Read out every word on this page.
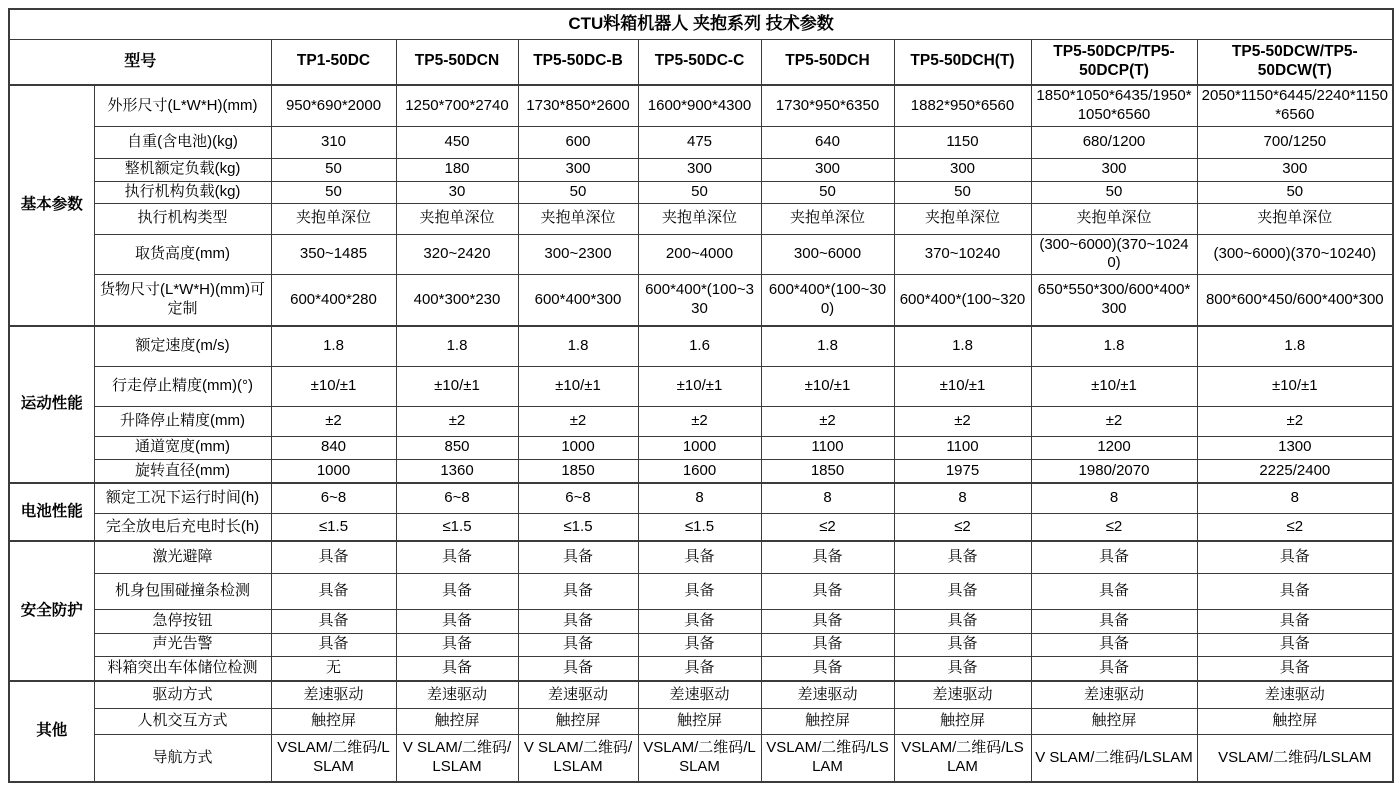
CTU料箱机器人 夹抱系列 技术参数									
型号		TP1-50DC	TP5-50DCN	TP5-50DC-B	TP5-50DC-C	TP5-50DCH	TP5-50DCH(T)	TP5-50DCP/TP5-50DCP(T)	TP5-50DCW/TP5-50DCW(T)
基本参数	外形尺寸(L*W*H)(mm)	950*690*2000	1250*700*2740	1730*850*2600	1600*900*4300	1730*950*6350	1882*950*6560	1850*1050*6435/1950*1050*6560	2050*1150*6445/2240*1150*6560
	自重(含电池)(kg)	310	450	600	475	640	1150	680/1200	700/1250
	整机额定负载(kg)	50	180	300	300	300	300	300	300
	执行机构负载(kg)	50	30	50	50	50	50	50	50
	执行机构类型	夹抱单深位	夹抱单深位	夹抱单深位	夹抱单深位	夹抱单深位	夹抱单深位	夹抱单深位	夹抱单深位
	取货高度(mm)	350~1485	320~2420	300~2300	200~4000	300~6000	370~10240	(300~6000)(370~10240)	(300~6000)(370~10240)
	货物尺寸(L*W*H)(mm)可定制	600*400*280	400*300*230	600*400*300	600*400*(100~330	600*400*(100~300)	600*400*(100~320	650*550*300/600*400*300	800*600*450/600*400*300
运动性能	额定速度(m/s)	1.8	1.8	1.8	1.6	1.8	1.8	1.8	1.8
	行走停止精度(mm)(°)	±10/±1	±10/±1	±10/±1	±10/±1	±10/±1	±10/±1	±10/±1	±10/±1
	升降停止精度(mm)	±2	±2	±2	±2	±2	±2	±2	±2
	通道宽度(mm)	840	850	1000	1000	1100	1100	1200	1300
	旋转直径(mm)	1000	1360	1850	1600	1850	1975	1980/2070	2225/2400
电池性能	额定工况下运行时间(h)	6~8	6~8	6~8	8	8	8	8	8
	完全放电后充电时长(h)	≤1.5	≤1.5	≤1.5	≤1.5	≤2	≤2	≤2	≤2
安全防护	激光避障	具备	具备	具备	具备	具备	具备	具备	具备
	机身包围碰撞条检测	具备	具备	具备	具备	具备	具备	具备	具备
	急停按钮	具备	具备	具备	具备	具备	具备	具备	具备
	声光告警	具备	具备	具备	具备	具备	具备	具备	具备
	料箱突出车体储位检测	无	具备	具备	具备	具备	具备	具备	具备
其他	驱动方式	差速驱动	差速驱动	差速驱动	差速驱动	差速驱动	差速驱动	差速驱动	差速驱动
	人机交互方式	触控屏	触控屏	触控屏	触控屏	触控屏	触控屏	触控屏	触控屏
	导航方式	VSLAM/二维码/LSLAM	V SLAM/二维码/LSLAM	V SLAM/二维码/LSLAM	VSLAM/二维码/LSLAM	VSLAM/二维码/LSLAM	VSLAM/二维码/LSLAM	V SLAM/二维码/LSLAM	VSLAM/二维码/LSLAM
